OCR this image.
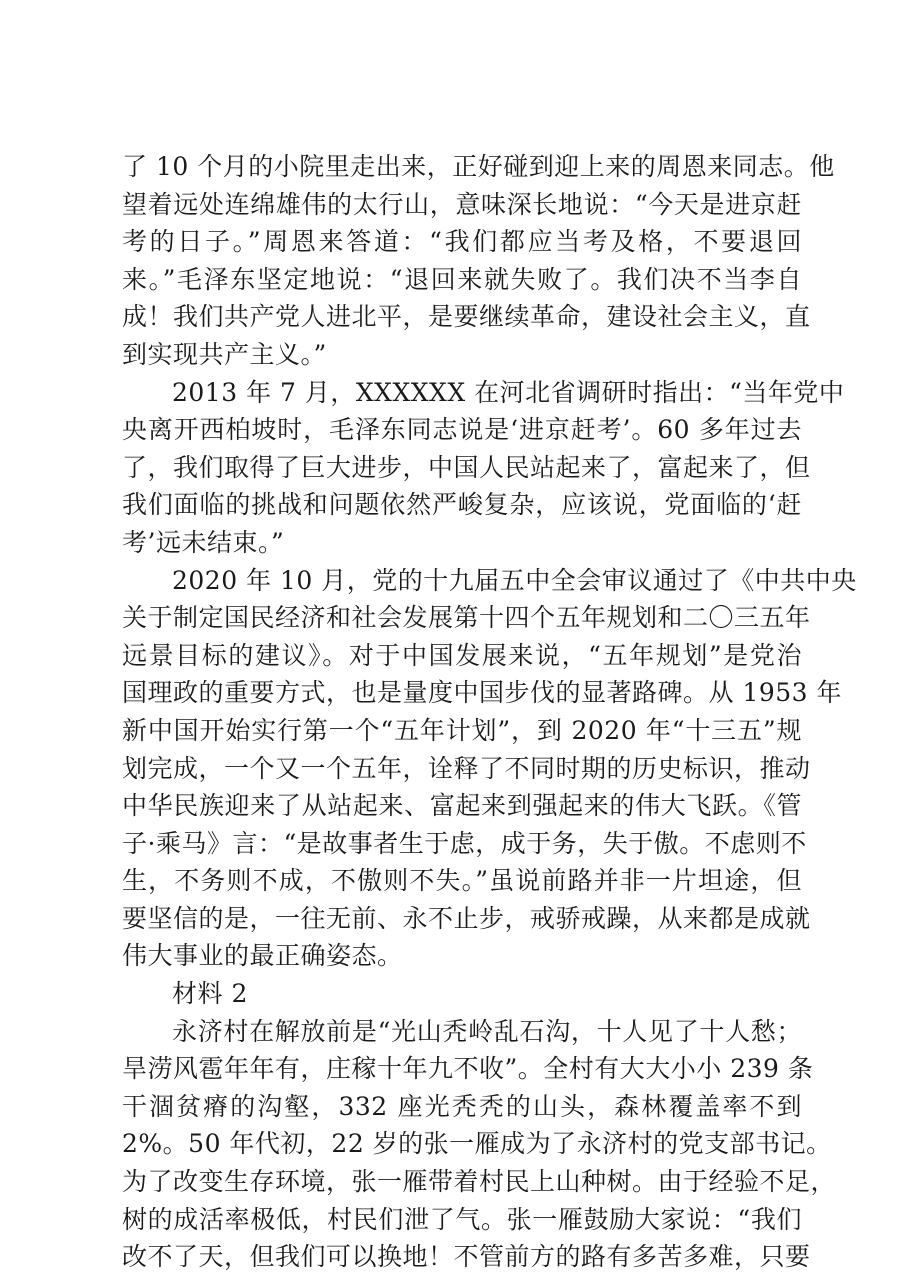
了 10 个月的小院里走出来，正好碰到迎上来的周恩来同志。他
望着远处连绵雄伟的太行山，意味深长地说：“今天是进京赶
考的日子。”周恩来答道：“我们都应当考及格，不要退回
来。”毛泽东坚定地说：“退回来就失败了。我们决不当李自
成！我们共产党人进北平，是要继续革命，建设社会主义，直
到实现共产主义。”
2013 年 7 月，XXXXXX 在河北省调研时指出：“当年党中
央离开西柏坡时，毛泽东同志说是‘进京赶考’。60 多年过去
了，我们取得了巨大进步，中国人民站起来了，富起来了，但
我们面临的挑战和问题依然严峻复杂，应该说，党面临的‘赶
考’远未结束。”
2020 年 10 月，党的十九届五中全会审议通过了《中共中央
关于制定国民经济和社会发展第十四个五年规划和二〇三五年
远景目标的建议》。对于中国发展来说，“五年规划”是党治
国理政的重要方式，也是量度中国步伐的显著路碑。从 1953 年
新中国开始实行第一个“五年计划”，到 2020 年“十三五”规
划完成，一个又一个五年，诠释了不同时期的历史标识，推动
中华民族迎来了从站起来、富起来到强起来的伟大飞跃。《管
子·乘马》言：“是故事者生于虑，成于务，失于傲。不虑则不
生，不务则不成，不傲则不失。”虽说前路并非一片坦途，但
要坚信的是，一往无前、永不止步，戒骄戒躁，从来都是成就
伟大事业的最正确姿态。
材料 2
永济村在解放前是“光山秃岭乱石沟，十人见了十人愁；
旱涝风雹年年有，庄稼十年九不收”。全村有大大小小 239 条
干涸贫瘠的沟壑，332 座光秃秃的山头，森林覆盖率不到
2%。50 年代初，22 岁的张一雁成为了永济村的党支部书记。
为了改变生存环境，张一雁带着村民上山种树。由于经验不足，
树的成活率极低，村民们泄了气。张一雁鼓励大家说：“我们
改不了天，但我们可以换地！不管前方的路有多苦多难，只要
